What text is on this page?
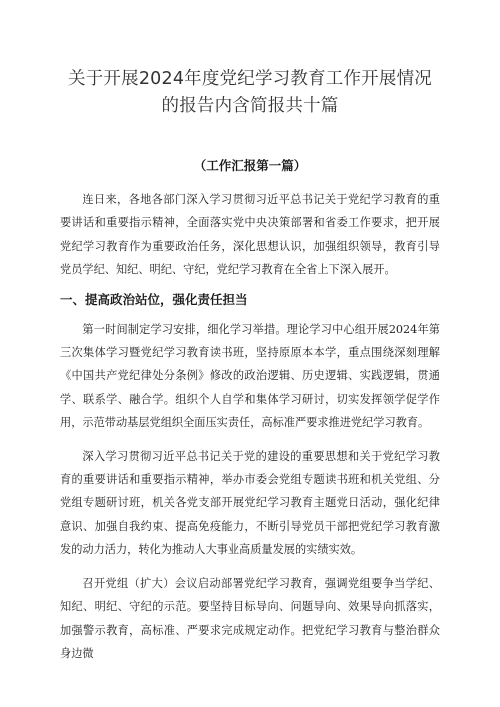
关于开展2024年度党纪学习教育工作开展情况的报告内含简报共十篇
（工作汇报第一篇）

连日来，各地各部门深入学习贯彻习近平总书记关于党纪学习教育的重要讲话和重要指示精神，全面落实党中央决策部署和省委工作要求，把开展党纪学习教育作为重要政治任务，深化思想认识，加强组织领导，教育引导党员学纪、知纪、明纪、守纪，党纪学习教育在全省上下深入展开。

一、提高政治站位，强化责任担当

第一时间制定学习安排，细化学习举措。理论学习中心组开展2024年第三次集体学习暨党纪学习教育读书班，坚持原原本本学，重点围绕深刻理解《中国共产党纪律处分条例》修改的政治逻辑、历史逻辑、实践逻辑，贯通学、联系学、融合学。组织个人自学和集体学习研讨，切实发挥领学促学作用，示范带动基层党组织全面压实责任，高标准严要求推进党纪学习教育。

深入学习贯彻习近平总书记关于党的建设的重要思想和关于党纪学习教育的重要讲话和重要指示精神，举办市委会党组专题读书班和机关党组、分党组专题研讨班，机关各党支部开展党纪学习教育主题党日活动，强化纪律意识、加强自我约束、提高免疫能力，不断引导党员干部把党纪学习教育激发的动力活力，转化为推动人大事业高质量发展的实绩实效。

召开党组（扩大）会议启动部署党纪学习教育，强调党组要争当学纪、知纪、明纪、守纪的示范。要坚持目标导向、问题导向、效果导向抓落实，加强警示教育，高标准、严要求完成规定动作。把党纪学习教育与整治群众身边微
